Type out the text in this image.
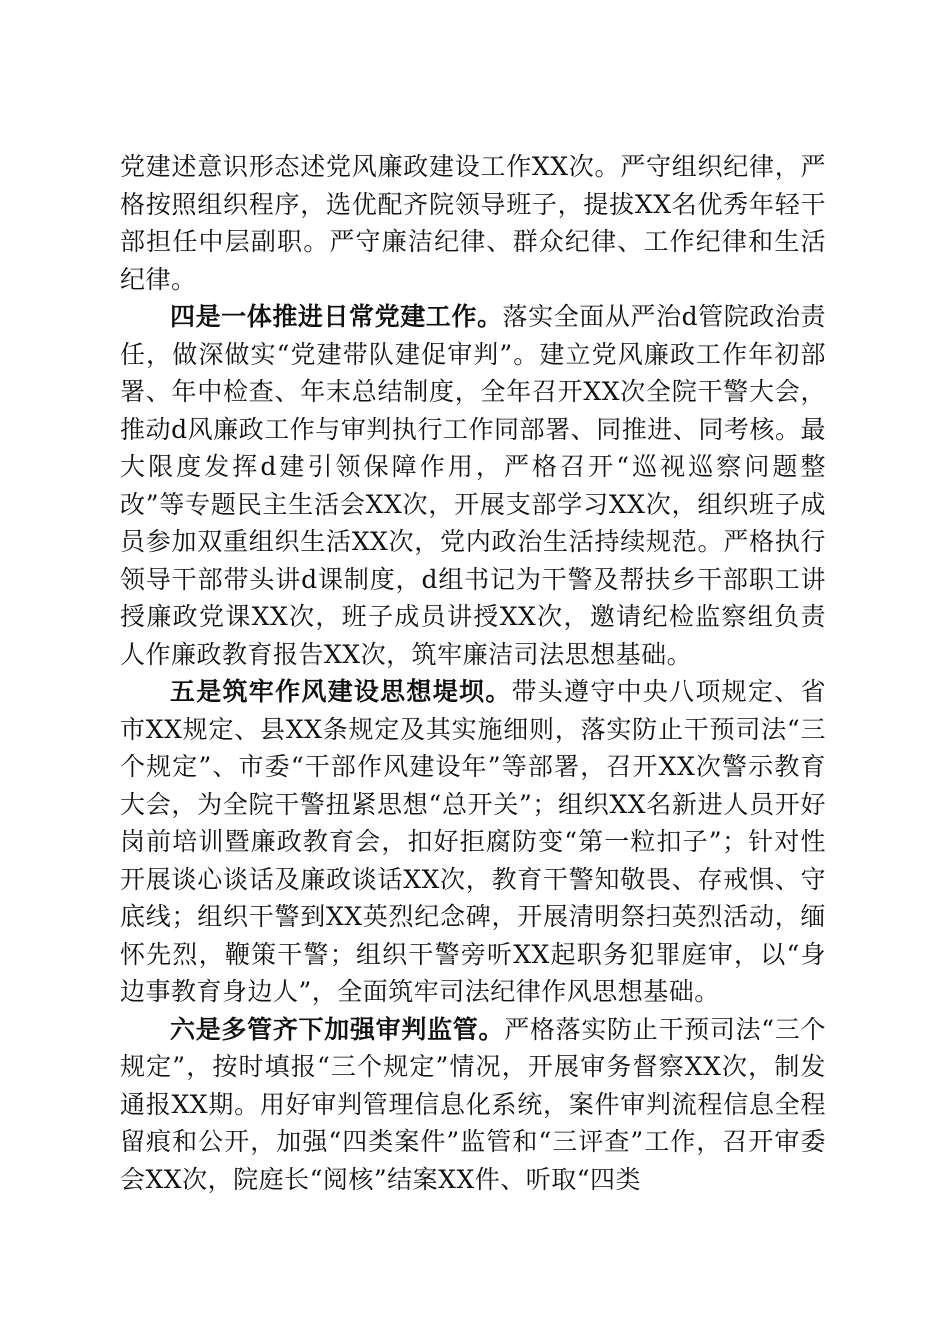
党建述意识形态述党风廉政建设工作XX次。严守组织纪律，严格按照组织程序，选优配齐院领导班子，提拔XX名优秀年轻干部担任中层副职。严守廉洁纪律、群众纪律、工作纪律和生活纪律。

四是一体推进日常党建工作。落实全面从严治d管院政治责任，做深做实“党建带队建促审判”。建立党风廉政工作年初部署、年中检查、年末总结制度，全年召开XX次全院干警大会，推动d风廉政工作与审判执行工作同部署、同推进、同考核。最大限度发挥d建引领保障作用，严格召开“巡视巡察问题整改”等专题民主生活会XX次，开展支部学习XX次，组织班子成员参加双重组织生活XX次，党内政治生活持续规范。严格执行领导干部带头讲d课制度，d组书记为干警及帮扶乡干部职工讲授廉政党课XX次，班子成员讲授XX次，邀请纪检监察组负责人作廉政教育报告XX次，筑牢廉洁司法思想基础。

五是筑牢作风建设思想堤坝。带头遵守中央八项规定、省市XX规定、县XX条规定及其实施细则，落实防止干预司法“三个规定”、市委“干部作风建设年”等部署，召开XX次警示教育大会，为全院干警扭紧思想“总开关”；组织XX名新进人员开好岗前培训暨廉政教育会，扣好拒腐防变“第一粒扣子”；针对性开展谈心谈话及廉政谈话XX次，教育干警知敬畏、存戒惧、守底线；组织干警到XX英烈纪念碑，开展清明祭扫英烈活动，缅怀先烈，鞭策干警；组织干警旁听XX起职务犯罪庭审，以“身边事教育身边人”，全面筑牢司法纪律作风思想基础。

六是多管齐下加强审判监管。严格落实防止干预司法“三个规定”，按时填报“三个规定”情况，开展审务督察XX次，制发通报XX期。用好审判管理信息化系统，案件审判流程信息全程留痕和公开，加强“四类案件”监管和“三评查”工作，召开审委会XX次，院庭长“阅核”结案XX件、听取“四类
